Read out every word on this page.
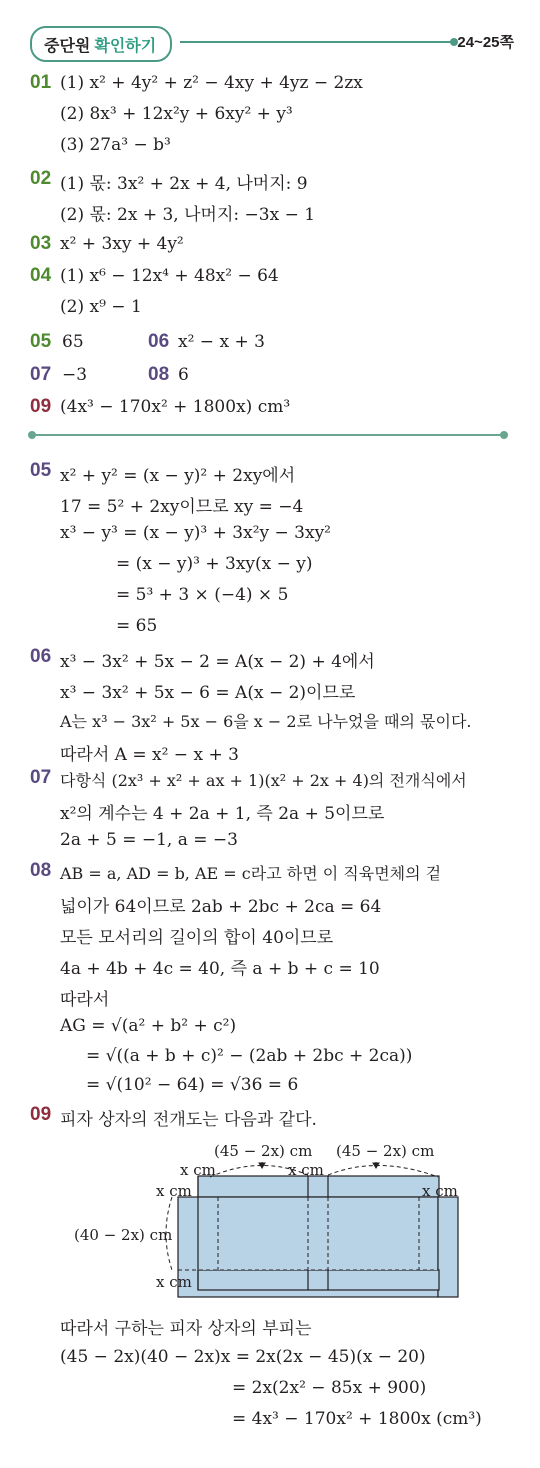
중단원 확인하기	24~25쪽
01 (1) x² + 4y² + z² − 4xy + 4yz − 2zx
(2) 8x³ + 12x²y + 6xy² + y³
(3) 27a³ − b³
02 (1) 몫: 3x² + 2x + 4, 나머지: 9
(2) 몫: 2x + 3, 나머지: −3x − 1
03 x² + 3xy + 4y²
04 (1) x⁶ − 12x⁴ + 48x² − 64
(2) x⁹ − 1
05 65	06 x² − x + 3
07 −3	08 6
09 (4x³ − 170x² + 1800x) cm³
05 x² + y² = (x − y)² + 2xy에서
17 = 5² + 2xy이므로 xy = −4
x³ − y³ = (x − y)³ + 3x²y − 3xy²
= (x − y)³ + 3xy(x − y)
= 5³ + 3 × (−4) × 5
= 65
06 x³ − 3x² + 5x − 2 = A(x − 2) + 4에서
x³ − 3x² + 5x − 6 = A(x − 2)이므로
A는 x³ − 3x² + 5x − 6을 x − 2로 나누었을 때의 몫이다.
따라서 A = x² − x + 3
07 다항식 (2x³ + x² + ax + 1)(x² + 2x + 4)의 전개식에서
x²의 계수는 4 + 2a + 1, 즉 2a + 5이므로
2a + 5 = −1, a = −3
08 AB = a, AD = b, AE = c라고 하면 이 직육면체의 겉
넓이가 64이므로 2ab + 2bc + 2ca = 64
모든 모서리의 길이의 합이 40이므로
4a + 4b + 4c = 40, 즉 a + b + c = 10
따라서
AG = √(a² + b² + c²)
= √((a + b + c)² − (2ab + 2bc + 2ca))
= √(10² − 64) = √36 = 6
09 피자 상자의 전개도는 다음과 같다.
(45 − 2x) cm (45 − 2x) cm
x cm	x cm
x cm	x cm
(40 − 2x) cm
x cm
따라서 구하는 피자 상자의 부피는
(45 − 2x)(40 − 2x)x = 2x(2x − 45)(x − 20)
= 2x(2x² − 85x + 900)
= 4x³ − 170x² + 1800x (cm³)
